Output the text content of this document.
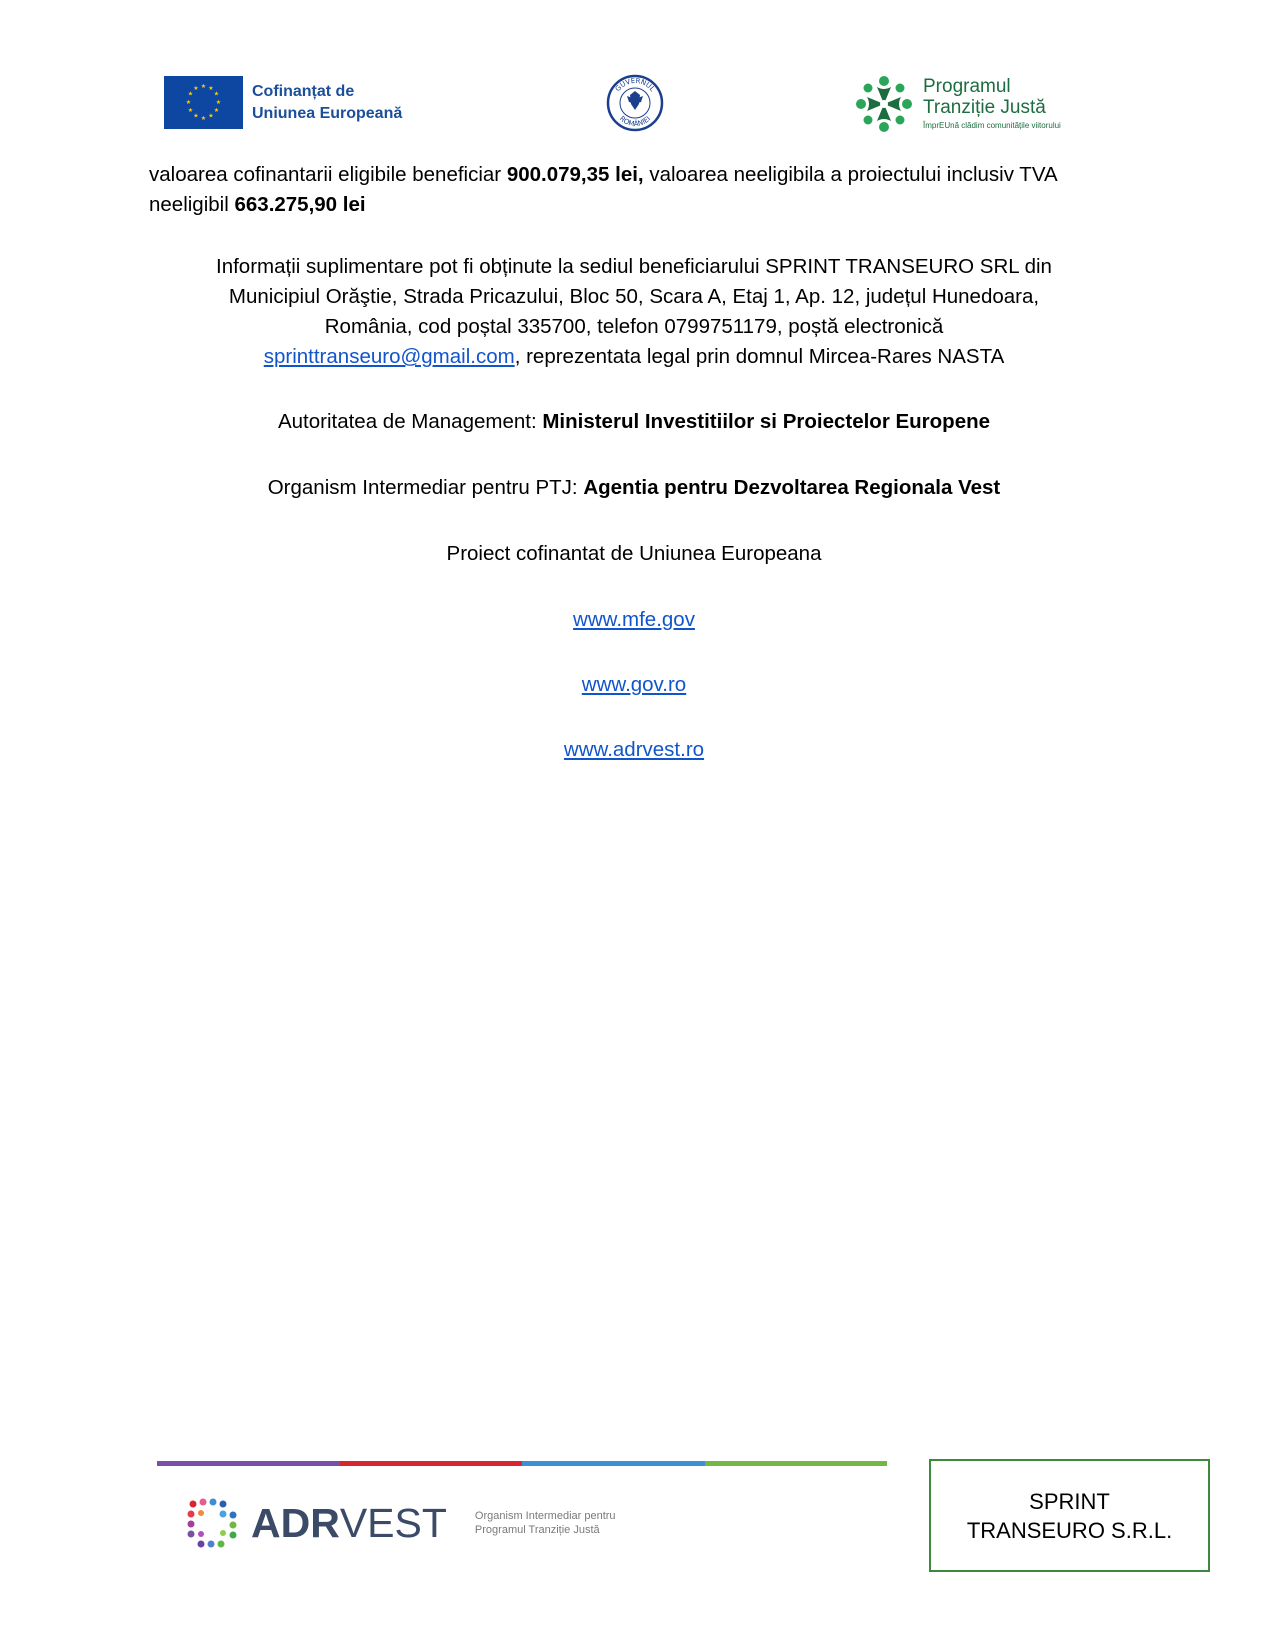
★ ★
★
★
★
★
★
★
★
★
★
★	Cofinanțat de
Uniunea Europeană
GUVERNUL
ROMÂNIEI
Programul
Tranziție Justă
ÎmprEUnă clădim comunitățile viitorului
valoarea cofinantarii eligibile beneficiar 900.079,35 lei, valoarea neeligibila a proiectului inclusiv TVA neeligibil 663.275,90 lei
Informații suplimentare pot fi obținute la sediul beneficiarului SPRINT TRANSEURO SRL din
Municipiul Orăştie, Strada Pricazului, Bloc 50, Scara A, Etaj 1, Ap. 12, județul Hunedoara,
România, cod poștal 335700, telefon 0799751179, poștă electronică
sprinttranseuro@gmail.com, reprezentata legal prin domnul Mircea-Rares NASTA
Autoritatea de Management: Ministerul Investitiilor si Proiectelor Europene
Organism Intermediar pentru PTJ: Agentia pentru Dezvoltarea Regionala Vest
Proiect cofinantat de Uniunea Europeana
www.mfe.gov
www.gov.ro
www.adrvest.ro
ADRVEST	Organism Intermediar pentru
Programul Tranziție Justă
SPRINT
TRANSEURO S.R.L.
